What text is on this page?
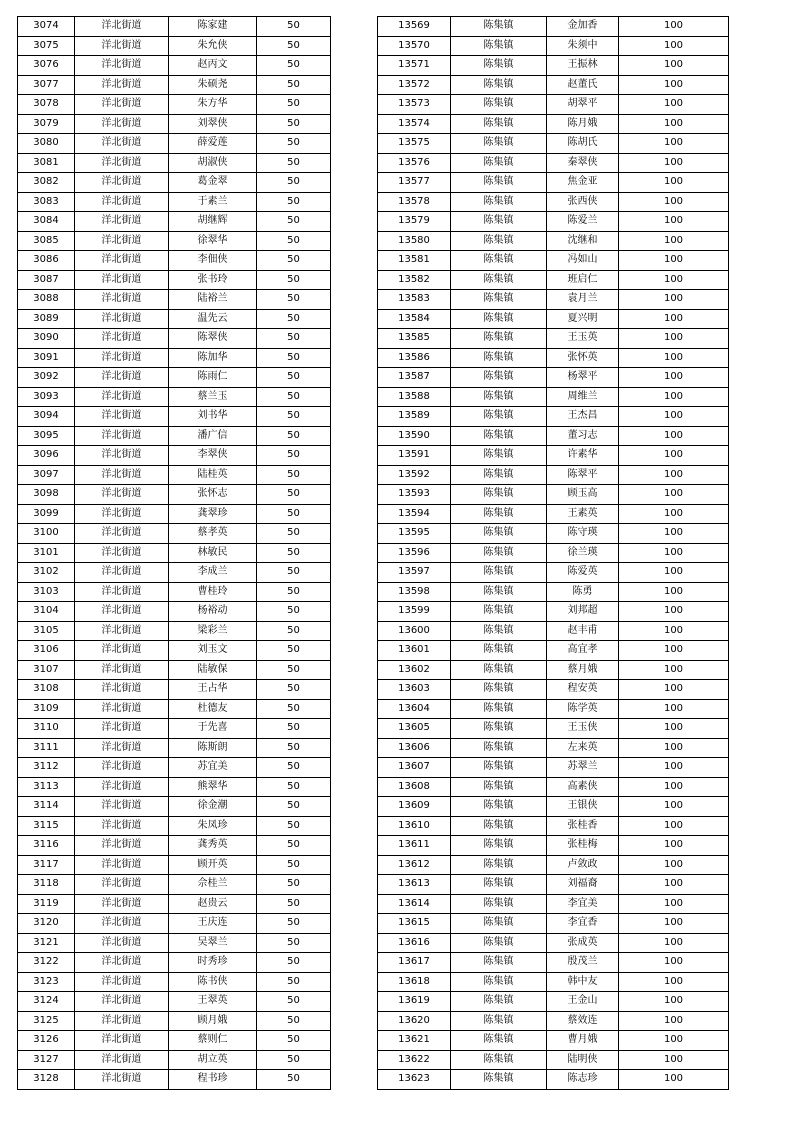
3074	洋北街道	陈家建	50
3075	洋北街道	朱允侠	50
3076	洋北街道	赵丙文	50
3077	洋北街道	朱硕尧	50
3078	洋北街道	朱方华	50
3079	洋北街道	刘翠侠	50
3080	洋北街道	薛爱莲	50
3081	洋北街道	胡淑侠	50
3082	洋北街道	葛金翠	50
3083	洋北街道	于素兰	50
3084	洋北街道	胡继辉	50
3085	洋北街道	徐翠华	50
3086	洋北街道	李佃侠	50
3087	洋北街道	张书玲	50
3088	洋北街道	陆裕兰	50
3089	洋北街道	温先云	50
3090	洋北街道	陈翠侠	50
3091	洋北街道	陈加华	50
3092	洋北街道	陈雨仁	50
3093	洋北街道	蔡兰玉	50
3094	洋北街道	刘书华	50
3095	洋北街道	潘广信	50
3096	洋北街道	李翠侠	50
3097	洋北街道	陆桂英	50
3098	洋北街道	张怀志	50
3099	洋北街道	龚翠珍	50
3100	洋北街道	蔡孝英	50
3101	洋北街道	林敏民	50
3102	洋北街道	李成兰	50
3103	洋北街道	曹桂玲	50
3104	洋北街道	杨裕动	50
3105	洋北街道	梁彩兰	50
3106	洋北街道	刘玉文	50
3107	洋北街道	陆敏保	50
3108	洋北街道	王占华	50
3109	洋北街道	杜德友	50
3110	洋北街道	于先喜	50
3111	洋北街道	陈斯朗	50
3112	洋北街道	苏宜美	50
3113	洋北街道	熊翠华	50
3114	洋北街道	徐金潮	50
3115	洋北街道	朱凤珍	50
3116	洋北街道	龚秀英	50
3117	洋北街道	顾开英	50
3118	洋北街道	佘桂兰	50
3119	洋北街道	赵贵云	50
3120	洋北街道	王庆连	50
3121	洋北街道	吴翠兰	50
3122	洋北街道	时秀珍	50
3123	洋北街道	陈书侠	50
3124	洋北街道	王翠英	50
3125	洋北街道	顾月娥	50
3126	洋北街道	蔡则仁	50
3127	洋北街道	胡立英	50
3128	洋北街道	程书珍	50
13569	陈集镇	金加香	100
13570	陈集镇	朱须中	100
13571	陈集镇	王振林	100
13572	陈集镇	赵董氏	100
13573	陈集镇	胡翠平	100
13574	陈集镇	陈月娥	100
13575	陈集镇	陈胡氏	100
13576	陈集镇	秦翠侠	100
13577	陈集镇	焦金亚	100
13578	陈集镇	张西侠	100
13579	陈集镇	陈爱兰	100
13580	陈集镇	沈继和	100
13581	陈集镇	冯如山	100
13582	陈集镇	班启仁	100
13583	陈集镇	袁月兰	100
13584	陈集镇	夏兴明	100
13585	陈集镇	王玉英	100
13586	陈集镇	张怀英	100
13587	陈集镇	杨翠平	100
13588	陈集镇	周维兰	100
13589	陈集镇	王杰昌	100
13590	陈集镇	董习志	100
13591	陈集镇	许素华	100
13592	陈集镇	陈翠平	100
13593	陈集镇	顾玉高	100
13594	陈集镇	王素英	100
13595	陈集镇	陈守瑛	100
13596	陈集镇	徐兰瑛	100
13597	陈集镇	陈爱英	100
13598	陈集镇	陈勇	100
13599	陈集镇	刘邦超	100
13600	陈集镇	赵丰甫	100
13601	陈集镇	高宜孝	100
13602	陈集镇	蔡月娥	100
13603	陈集镇	程安英	100
13604	陈集镇	陈学英	100
13605	陈集镇	王玉侠	100
13606	陈集镇	左来英	100
13607	陈集镇	苏翠兰	100
13608	陈集镇	高素侠	100
13609	陈集镇	王银侠	100
13610	陈集镇	张桂香	100
13611	陈集镇	张桂梅	100
13612	陈集镇	卢敛政	100
13613	陈集镇	刘福裔	100
13614	陈集镇	李宜美	100
13615	陈集镇	李宜香	100
13616	陈集镇	张成英	100
13617	陈集镇	殷茂兰	100
13618	陈集镇	韩中友	100
13619	陈集镇	王金山	100
13620	陈集镇	蔡效连	100
13621	陈集镇	曹月娥	100
13622	陈集镇	陆明侠	100
13623	陈集镇	陈志珍	100
